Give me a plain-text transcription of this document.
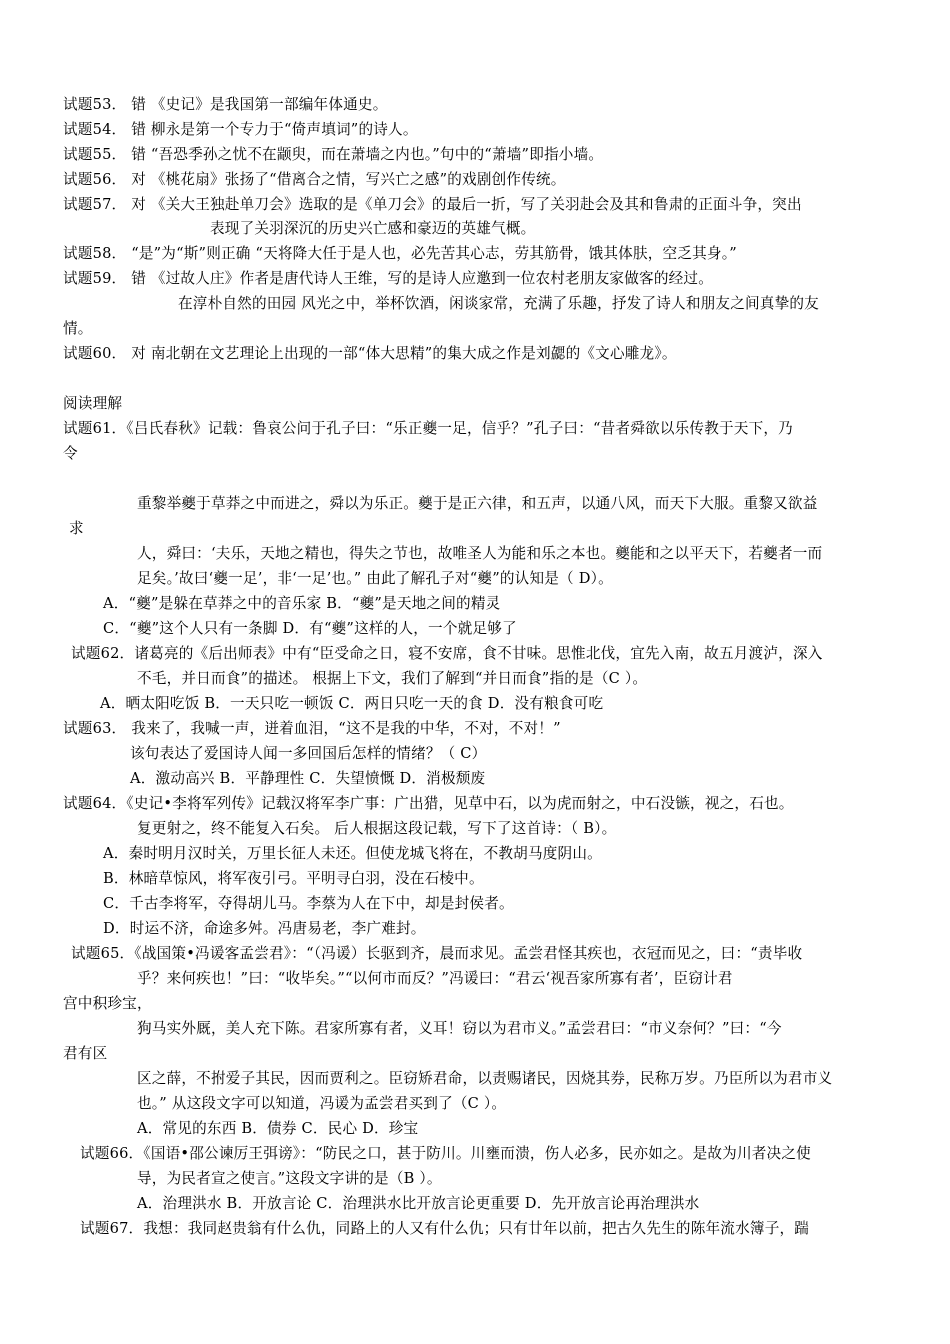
试题53． 错 《史记》是我国第一部编年体通史。
试题54． 错 柳永是第一个专力于“倚声填词”的诗人。
试题55． 错 “吾恐季孙之忧不在颛臾，而在萧墙之内也。”句中的“萧墙”即指小墙。
试题56． 对 《桃花扇》张扬了“借离合之情，写兴亡之感”的戏剧创作传统。
试题57． 对 《关大王独赴单刀会》选取的是《单刀会》的最后一折，写了关羽赴会及其和鲁肃的正面斗争，突出
表现了关羽深沉的历史兴亡感和豪迈的英雄气概。
试题58． “是”为“斯”则正确 “天将降大任于是人也，必先苦其心志，劳其筋骨，饿其体肤，空乏其身。”
试题59． 错 《过故人庄》作者是唐代诗人王维，写的是诗人应邀到一位农村老朋友家做客的经过。
在淳朴自然的田园 风光之中，举杯饮酒，闲谈家常，充满了乐趣，抒发了诗人和朋友之间真挚的友
情。
试题60． 对 南北朝在文艺理论上出现的一部“体大思精”的集大成之作是刘勰的《文心雕龙》。
阅读理解
试题61．《吕氏春秋》记载：鲁哀公问于孔子曰：“乐正夔一足，信乎？”孔子曰：“昔者舜欲以乐传教于天下，乃
令
重黎举夔于草莽之中而进之，舜以为乐正。夔于是正六律，和五声，以通八风，而天下大服。重黎又欲益
求
人，舜曰：‘夫乐，天地之精也，得失之节也，故唯圣人为能和乐之本也。夔能和之以平天下，若夔者一而
足矣。’故曰‘夔一足’，非‘一足’也。” 由此了解孔子对“夔”的认知是（ D）。
A．“夔”是躲在草莽之中的音乐家 B．“夔”是天地之间的精灵
C．“夔”这个人只有一条脚 D．有“夔”这样的人，一个就足够了
试题62．诸葛亮的《后出师表》中有“臣受命之日，寝不安席，食不甘味。思惟北伐，宜先入南，故五月渡泸，深入
不毛，并日而食”的描述。 根据上下文，我们了解到“并日而食”指的是（C ）。
A．晒太阳吃饭 B．一天只吃一顿饭 C．两日只吃一天的食 D．没有粮食可吃
试题63． 我来了，我喊一声，迸着血泪，“这不是我的中华，不对，不对！”
该句表达了爱国诗人闻一多回国后怎样的情绪？（ C）
A．激动高兴 B．平静理性 C．失望愤慨 D．消极颓废
试题64．《史记•李将军列传》记载汉将军李广事：广出猎，见草中石，以为虎而射之，中石没镞，视之，石也。
复更射之，终不能复入石矣。 后人根据这段记载，写下了这首诗：（ B）。
A．秦时明月汉时关，万里长征人未还。但使龙城飞将在，不教胡马度阴山。
B．林暗草惊风，将军夜引弓。平明寻白羽，没在石棱中。
C．千古李将军，夺得胡儿马。李蔡为人在下中，却是封侯者。
D．时运不济，命途多舛。冯唐易老，李广难封。
试题65．《战国策•冯谖客孟尝君》：“（冯谖）长驱到齐，晨而求见。孟尝君怪其疾也，衣冠而见之，曰：“责毕收
乎？来何疾也！”曰：“收毕矣。”“以何市而反？”冯谖曰：“君云‘视吾家所寡有者’，臣窃计君
宫中积珍宝，
狗马实外厩，美人充下陈。君家所寡有者，义耳！窃以为君市义。”孟尝君曰：“市义奈何？”曰：“今
君有区
区之薛，不拊爱子其民，因而贾利之。臣窃矫君命，以责赐诸民，因烧其券，民称万岁。乃臣所以为君市义
也。” 从这段文字可以知道，冯谖为孟尝君买到了（C ）。
A．常见的东西 B．债券 C．民心 D．珍宝
试题66．《国语•邵公谏厉王弭谤》：“防民之口，甚于防川。川壅而溃，伤人必多，民亦如之。是故为川者决之使
导，为民者宣之使言。”这段文字讲的是（B ）。
A．治理洪水 B．开放言论 C．治理洪水比开放言论更重要 D．先开放言论再治理洪水
试题67．我想：我同赵贵翁有什么仇，同路上的人又有什么仇；只有廿年以前，把古久先生的陈年流水簿子，踹
